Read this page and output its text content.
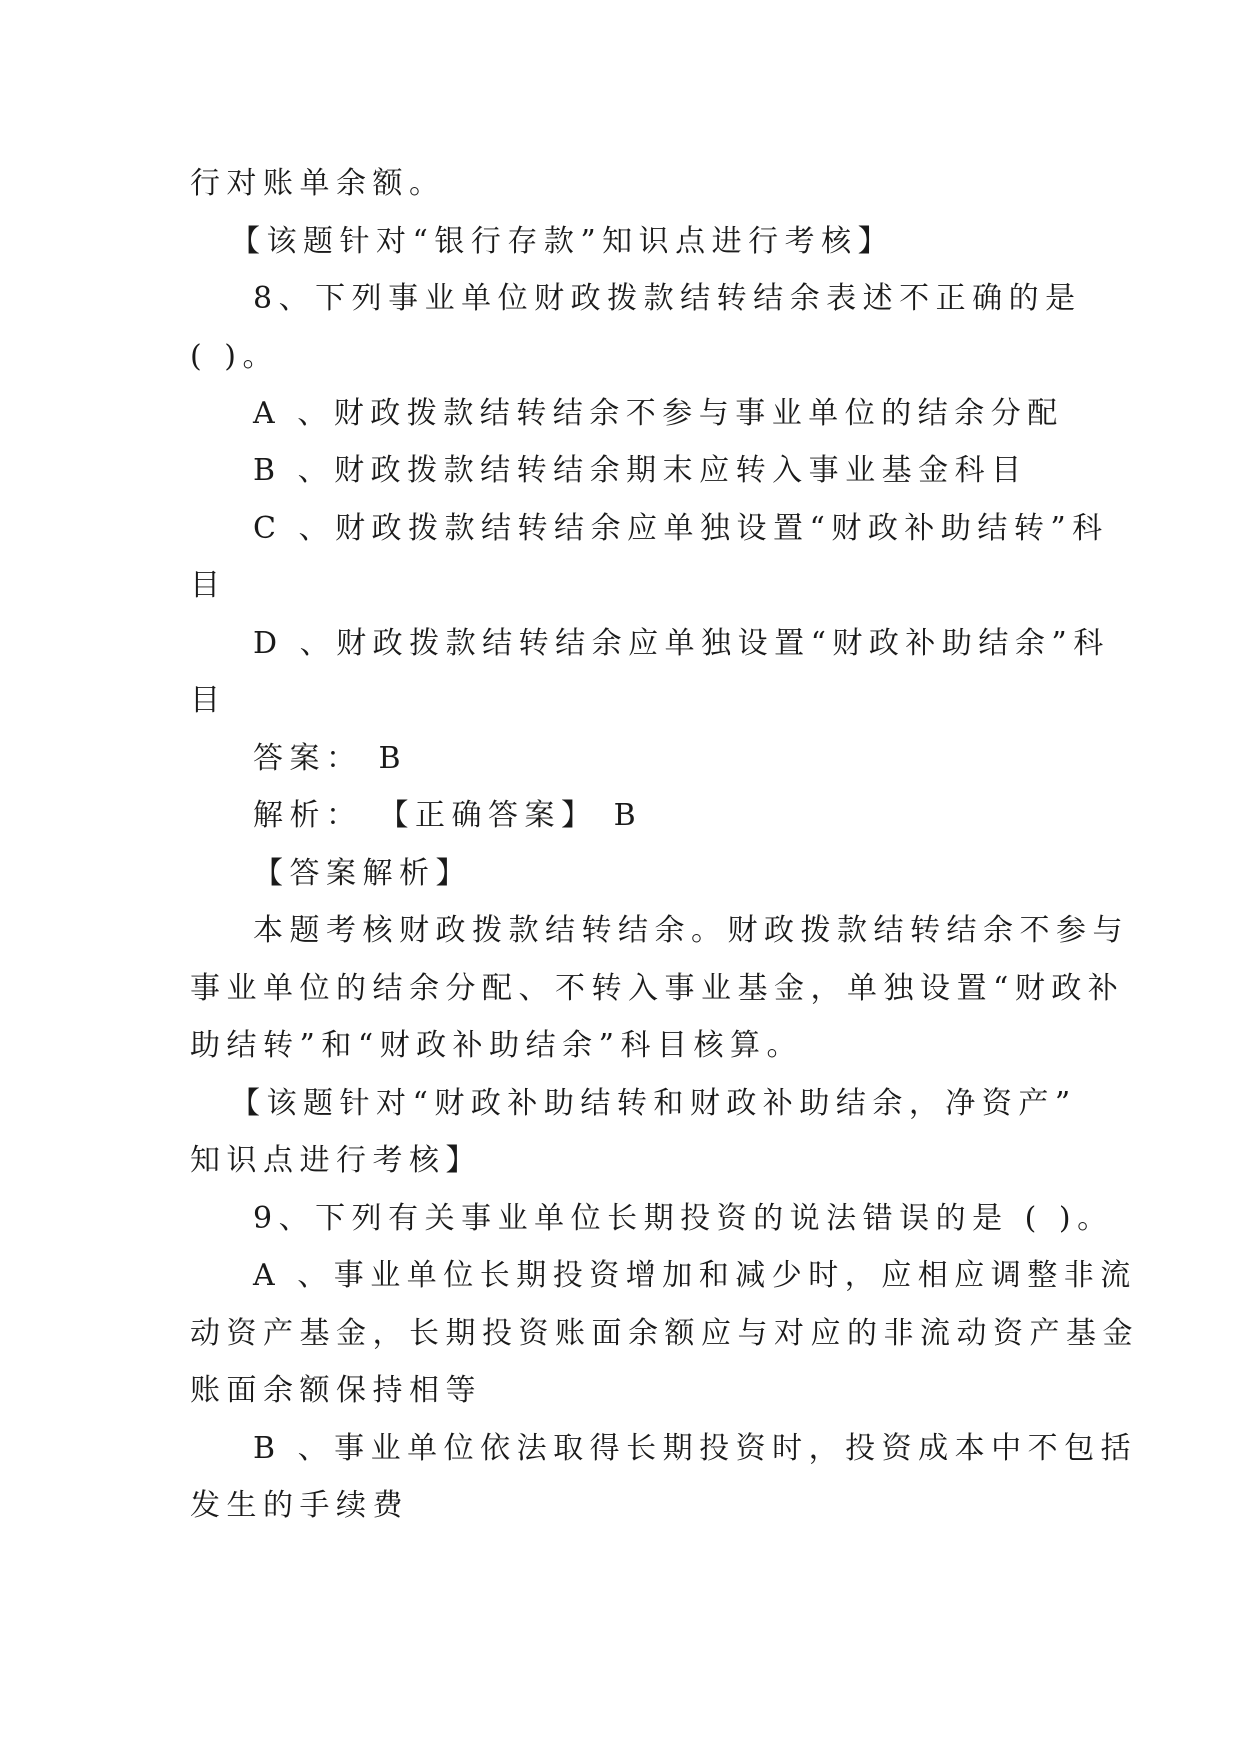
行对账单余额。
【该题针对“银行存款”知识点进行考核】
8、下列事业单位财政拨款结转结余表述不正确的是
( )。
A 、财政拨款结转结余不参与事业单位的结余分配
B 、财政拨款结转结余期末应转入事业基金科目
C 、财政拨款结转结余应单独设置“财政补助结转”科
目
D 、财政拨款结转结余应单独设置“财政补助结余”科
目
答案： B
解析： 【正确答案】 B
【答案解析】
本题考核财政拨款结转结余。财政拨款结转结余不参与
事业单位的结余分配、不转入事业基金，单独设置“财政补
助结转”和“财政补助结余”科目核算。
【该题针对“财政补助结转和财政补助结余，净资产”
知识点进行考核】
9、下列有关事业单位长期投资的说法错误的是 ( )。
A 、事业单位长期投资增加和减少时，应相应调整非流
动资产基金，长期投资账面余额应与对应的非流动资产基金
账面余额保持相等
B 、事业单位依法取得长期投资时，投资成本中不包括
发生的手续费
